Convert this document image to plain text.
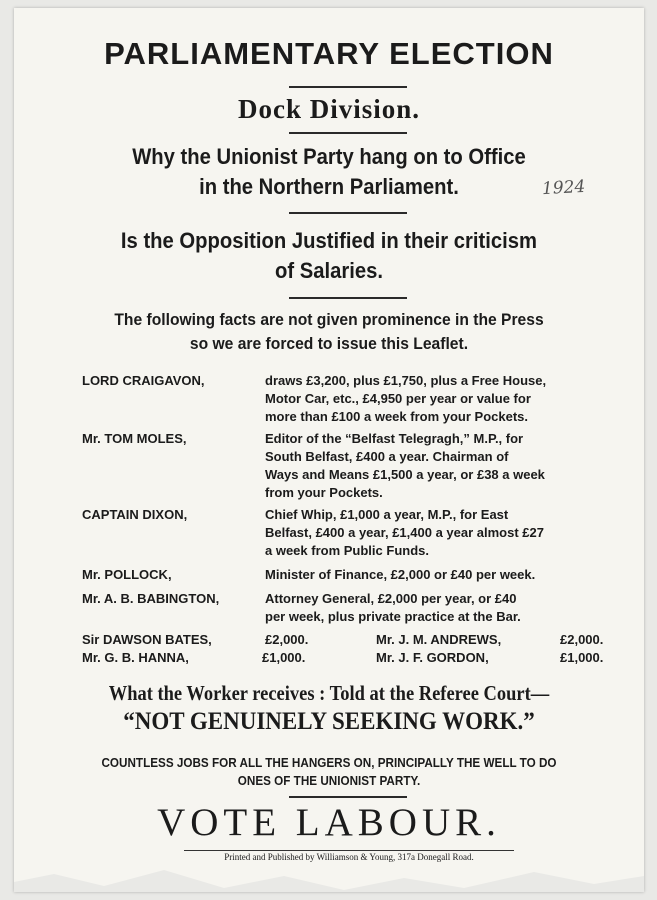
PARLIAMENTARY ELECTION
Dock Division.
Why the Unionist Party hang on to Office
in the Northern Parliament.	1924
Is the Opposition Justified in their criticism
of Salaries.
The following facts are not given prominence in the Press
so we are forced to issue this Leaflet.
LORD CRAIGAVON,	draws £3,200, plus £1,750, plus a Free House,
Motor Car, etc., £4,950 per year or value for
more than £100 a week from your Pockets.
Mr. TOM MOLES,	Editor of the “Belfast Telegragh,” M.P., for
South Belfast, £400 a year. Chairman of
Ways and Means £1,500 a year, or £38 a week
from your Pockets.
CAPTAIN DIXON,	Chief Whip, £1,000 a year, M.P., for East
Belfast, £400 a year, £1,400 a year almost £27
a week from Public Funds.
Mr. POLLOCK,	Minister of Finance, £2,000 or £40 per week.
Mr. A. B. BABINGTON,	Attorney General, £2,000 per year, or £40
per week, plus private practice at the Bar.
Sir DAWSON BATES,	£2,000.	Mr. J. M. ANDREWS,	£2,000.
Mr. G. B. HANNA,	£1,000.	Mr. J. F. GORDON,	£1,000.
What the Worker receives : Told at the Referee Court—
“NOT GENUINELY SEEKING WORK.”
COUNTLESS JOBS FOR ALL THE HANGERS ON, PRINCIPALLY THE WELL TO DO
ONES OF THE UNIONIST PARTY.
VOTE LABOUR.
Printed and Published by Williamson & Young, 317a Donegall Road.
